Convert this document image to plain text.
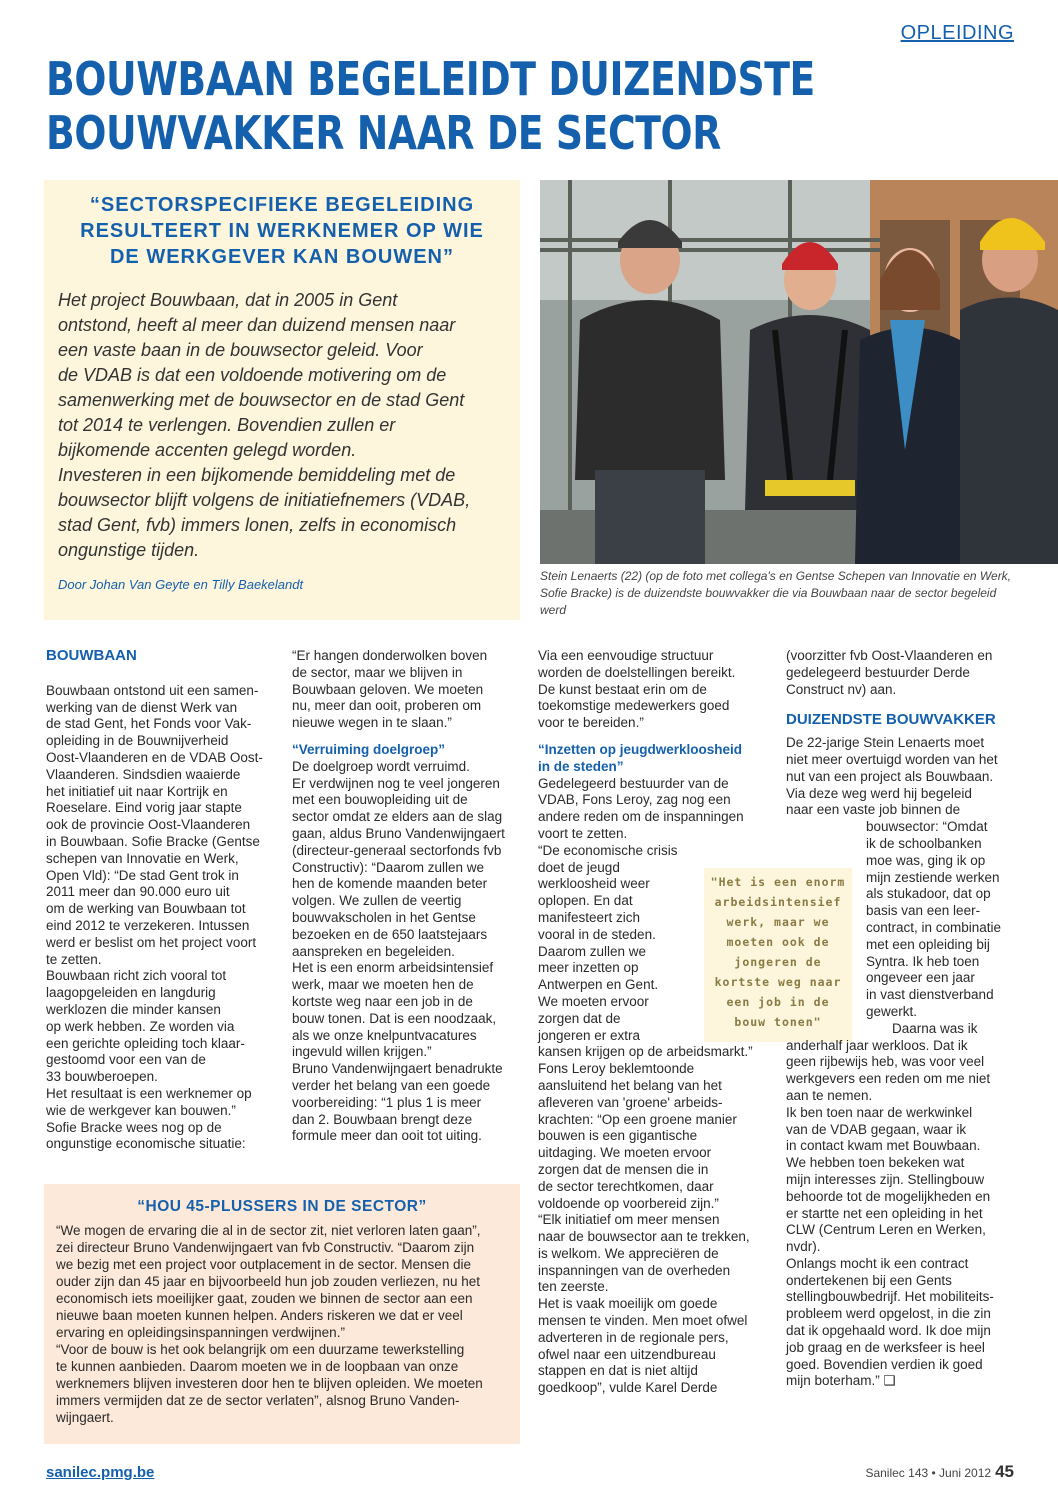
OPLEIDING
BOUWBAAN BEGELEIDT DUIZENDSTE
BOUWVAKKER NAAR DE SECTOR
“SECTORSPECIFIEKE BEGELEIDING
RESULTEERT IN WERKNEMER OP WIE
DE WERKGEVER KAN BOUWEN”
Het project Bouwbaan, dat in 2005 in Gent
ontstond, heeft al meer dan duizend mensen naar
een vaste baan in de bouwsector geleid. Voor
de VDAB is dat een voldoende motivering om de
samenwerking met de bouwsector en de stad Gent
tot 2014 te verlengen. Bovendien zullen er
bijkomende accenten gelegd worden.
Investeren in een bijkomende bemiddeling met de
bouwsector blijft volgens de initiatiefnemers (VDAB,
stad Gent, fvb) immers lonen, zelfs in economisch
ongunstige tijden.
Door Johan Van Geyte en Tilly Baekelandt
Stein Lenaerts (22) (op de foto met collega's en Gentse Schepen van Innovatie en Werk,
Sofie Bracke) is de duizendste bouwvakker die via Bouwbaan naar de sector begeleid
werd
BOUWBAAN
Bouwbaan ontstond uit een samen-
werking van de dienst Werk van
de stad Gent, het Fonds voor Vak-
opleiding in de Bouwnijverheid
Oost-Vlaanderen en de VDAB Oost-
Vlaanderen. Sindsdien waaierde
het initiatief uit naar Kortrijk en
Roeselare. Eind vorig jaar stapte
ook de provincie Oost-Vlaanderen
in Bouwbaan. Sofie Bracke (Gentse
schepen van Innovatie en Werk,
Open Vld): “De stad Gent trok in
2011 meer dan 90.000 euro uit
om de werking van Bouwbaan tot
eind 2012 te verzekeren. Intussen
werd er beslist om het project voort
te zetten.
Bouwbaan richt zich vooral tot
laagopgeleiden en langdurig
werklozen die minder kansen
op werk hebben. Ze worden via
een gerichte opleiding toch klaar-
gestoomd voor een van de
33 bouwberoepen.
Het resultaat is een werknemer op
wie de werkgever kan bouwen.”
Sofie Bracke wees nog op de
ongunstige economische situatie:
“Er hangen donderwolken boven
de sector, maar we blijven in
Bouwbaan geloven. We moeten
nu, meer dan ooit, proberen om
nieuwe wegen in te slaan.”
“Verruiming doelgroep”
De doelgroep wordt verruimd.
Er verdwijnen nog te veel jongeren
met een bouwopleiding uit de
sector omdat ze elders aan de slag
gaan, aldus Bruno Vandenwijngaert
(directeur-generaal sectorfonds fvb
Constructiv): “Daarom zullen we
hen de komende maanden beter
volgen. We zullen de veertig
bouwvakscholen in het Gentse
bezoeken en de 650 laatstejaars
aanspreken en begeleiden.
Het is een enorm arbeidsintensief
werk, maar we moeten hen de
kortste weg naar een job in de
bouw tonen. Dat is een noodzaak,
als we onze knelpuntvacatures
ingevuld willen krijgen.”
Bruno Vandenwijngaert benadrukte
verder het belang van een goede
voorbereiding: “1 plus 1 is meer
dan 2. Bouwbaan brengt deze
formule meer dan ooit tot uiting.
Via een eenvoudige structuur
worden de doelstellingen bereikt.
De kunst bestaat erin om de
toekomstige medewerkers goed
voor te bereiden.”
“Inzetten op jeugdwerkloosheid
in de steden”
Gedelegeerd bestuurder van de
VDAB, Fons Leroy, zag nog een
andere reden om de inspanningen
voort te zetten.
“De economische crisis
doet de jeugd
werkloosheid weer
oplopen. En dat
manifesteert zich
vooral in de steden.
Daarom zullen we
meer inzetten op
Antwerpen en Gent.
We moeten ervoor
zorgen dat de
jongeren er extra
kansen krijgen op de arbeidsmarkt.”
Fons Leroy beklemtoonde
aansluitend het belang van het
afleveren van 'groene' arbeids-
krachten: “Op een groene manier
bouwen is een gigantische
uitdaging. We moeten ervoor
zorgen dat de mensen die in
de sector terechtkomen, daar
voldoende op voorbereid zijn.”
“Elk initiatief om meer mensen
naar de bouwsector aan te trekken,
is welkom. We appreciëren de
inspanningen van de overheden
ten zeerste.
Het is vaak moeilijk om goede
mensen te vinden. Men moet ofwel
adverteren in de regionale pers,
ofwel naar een uitzendbureau
stappen en dat is niet altijd
goedkoop”, vulde Karel Derde
"Het is een enorm
arbeidsintensief
werk, maar we
moeten ook de
jongeren de
kortste weg naar
een job in de
bouw tonen"
(voorzitter fvb Oost-Vlaanderen en
gedelegeerd bestuurder Derde
Construct nv) aan.
DUIZENDSTE BOUWVAKKER
De 22-jarige Stein Lenaerts moet
niet meer overtuigd worden van het
nut van een project als Bouwbaan.
Via deze weg werd hij begeleid
naar een vaste job binnen de
bouwsector: “Omdat
ik de schoolbanken
moe was, ging ik op
mijn zestiende werken
als stukadoor, dat op
basis van een leer-
contract, in combinatie
met een opleiding bij
Syntra. Ik heb toen
ongeveer een jaar
in vast dienstverband
gewerkt.
Daarna was ik
anderhalf jaar werkloos. Dat ik
geen rijbewijs heb, was voor veel
werkgevers een reden om me niet
aan te nemen.
Ik ben toen naar de werkwinkel
van de VDAB gegaan, waar ik
in contact kwam met Bouwbaan.
We hebben toen bekeken wat
mijn interesses zijn. Stellingbouw
behoorde tot de mogelijkheden en
er startte net een opleiding in het
CLW (Centrum Leren en Werken,
nvdr).
Onlangs mocht ik een contract
ondertekenen bij een Gents
stellingbouwbedrijf. Het mobiliteits-
probleem werd opgelost, in die zin
dat ik opgehaald word. Ik doe mijn
job graag en de werksfeer is heel
goed. Bovendien verdien ik goed
mijn boterham.” ❑
“HOU 45-PLUSSERS IN DE SECTOR”
“We mogen de ervaring die al in de sector zit, niet verloren laten gaan”,
zei directeur Bruno Vandenwijngaert van fvb Constructiv. “Daarom zijn
we bezig met een project voor outplacement in de sector. Mensen die
ouder zijn dan 45 jaar en bijvoorbeeld hun job zouden verliezen, nu het
economisch iets moeilijker gaat, zouden we binnen de sector aan een
nieuwe baan moeten kunnen helpen. Anders riskeren we dat er veel
ervaring en opleidingsinspanningen verdwijnen.”
“Voor de bouw is het ook belangrijk om een duurzame tewerkstelling
te kunnen aanbieden. Daarom moeten we in de loopbaan van onze
werknemers blijven investeren door hen te blijven opleiden. We moeten
immers vermijden dat ze de sector verlaten”, alsnog Bruno Vanden-
wijngaert.
sanilec.pmg.be	Sanilec 143 • Juni 2012 45
